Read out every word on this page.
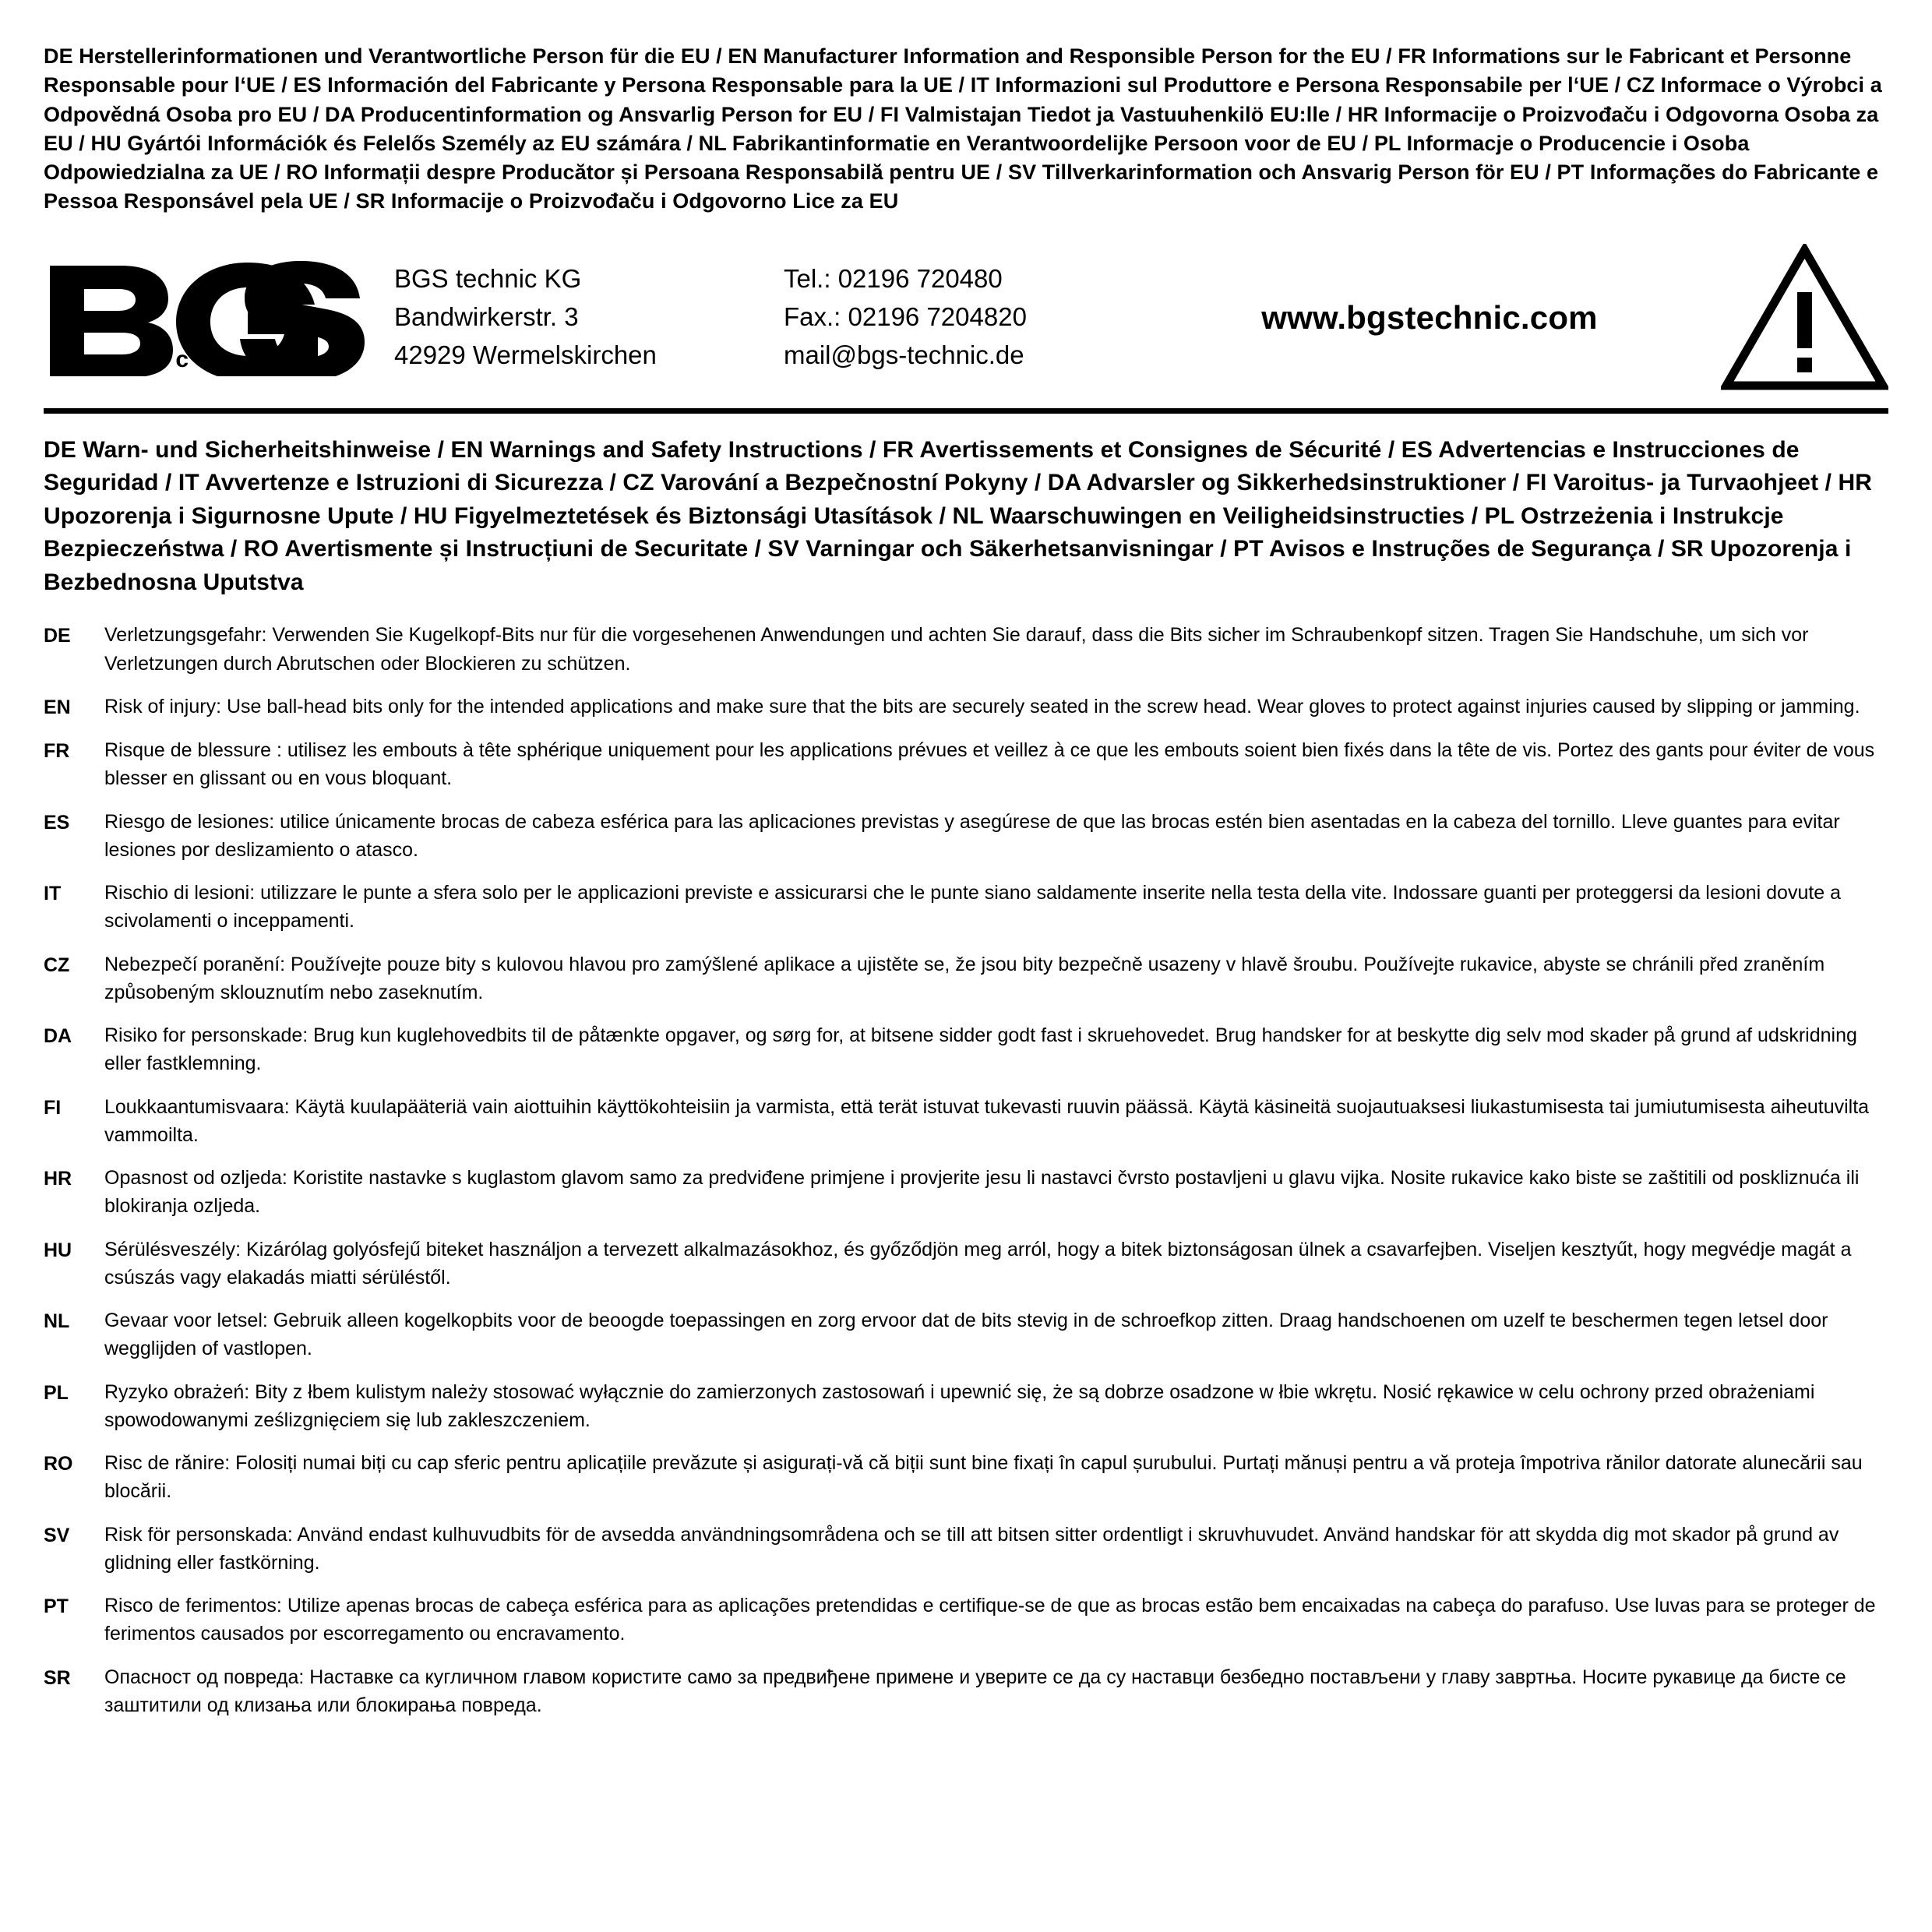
DE Herstellerinformationen und Verantwortliche Person für die EU / EN Manufacturer Information and Responsible Person for the EU / FR Informations sur le Fabricant et Personne Responsable pour l‘UE / ES Información del Fabricante y Persona Responsable para la UE / IT Informazioni sul Produttore e Persona Responsabile per l‘UE / CZ Informace o Výrobci a Odpovědná Osoba pro EU / DA Producentinformation og Ansvarlig Person for EU / FI Valmistajan Tiedot ja Vastuuhenkilö EU:lle / HR Informacije o Proizvođaču i Odgovorna Osoba za EU / HU Gyártói Információk és Felelős Személy az EU számára / NL Fabrikantinformatie en Verantwoordelijke Persoon voor de EU / PL Informacje o Producencie i Osoba Odpowiedzialna za UE / RO Informații despre Producător și Persoana Responsabilă pentru UE / SV Tillverkarinformation och Ansvarig Person för EU / PT Informações do Fabricante e Pessoa Responsável pela UE / SR Informacije o Proizvođaču i Odgovorno Lice za EU
®
t e c h n i c
BGS technic KG
Bandwirkerstr. 3
42929 Wermelskirchen
Tel.: 02196 720480
Fax.: 02196 7204820
mail@bgs-technic.de
www.bgstechnic.com
DE Warn- und Sicherheitshinweise / EN Warnings and Safety Instructions / FR Avertissements et Consignes de Sécurité / ES Advertencias e Instrucciones de Seguridad / IT Avvertenze e Istruzioni di Sicurezza / CZ Varování a Bezpečnostní Pokyny / DA Advarsler og Sikkerhedsinstruktioner / FI Varoitus- ja Turvaohjeet / HR Upozorenja i Sigurnosne Upute / HU Figyelmeztetések és Biztonsági Utasítások / NL Waarschuwingen en Veiligheidsinstructies / PL Ostrzeżenia i Instrukcje Bezpieczeństwa / RO Avertismente și Instrucțiuni de Securitate / SV Varningar och Säkerhetsanvisningar / PT Avisos e Instruções de Segurança / SR Upozorenja i Bezbednosna Uputstva
DE	Verletzungsgefahr: Verwenden Sie Kugelkopf-Bits nur für die vorgesehenen Anwendungen und achten Sie darauf, dass die Bits sicher im Schraubenkopf sitzen. Tragen Sie Handschuhe, um sich vor Verletzungen durch Abrutschen oder Blockieren zu schützen.
EN	Risk of injury: Use ball-head bits only for the intended applications and make sure that the bits are securely seated in the screw head. Wear gloves to protect against injuries caused by slipping or jamming.
FR	Risque de blessure : utilisez les embouts à tête sphérique uniquement pour les applications prévues et veillez à ce que les embouts soient bien fixés dans la tête de vis. Portez des gants pour éviter de vous blesser en glissant ou en vous bloquant.
ES	Riesgo de lesiones: utilice únicamente brocas de cabeza esférica para las aplicaciones previstas y asegúrese de que las brocas estén bien asentadas en la cabeza del tornillo. Lleve guantes para evitar lesiones por deslizamiento o atasco.
IT	Rischio di lesioni: utilizzare le punte a sfera solo per le applicazioni previste e assicurarsi che le punte siano saldamente inserite nella testa della vite. Indossare guanti per proteggersi da lesioni dovute a scivolamenti o inceppamenti.
CZ	Nebezpečí poranění: Používejte pouze bity s kulovou hlavou pro zamýšlené aplikace a ujistěte se, že jsou bity bezpečně usazeny v hlavě šroubu. Používejte rukavice, abyste se chránili před zraněním způsobeným sklouznutím nebo zaseknutím.
DA	Risiko for personskade: Brug kun kuglehovedbits til de påtænkte opgaver, og sørg for, at bitsene sidder godt fast i skruehovedet. Brug handsker for at beskytte dig selv mod skader på grund af udskridning eller fastklemning.
FI	Loukkaantumisvaara: Käytä kuulapääteriä vain aiottuihin käyttökohteisiin ja varmista, että terät istuvat tukevasti ruuvin päässä. Käytä käsineitä suojautuaksesi liukastumisesta tai jumiutumisesta aiheutuvilta vammoilta.
HR	Opasnost od ozljeda: Koristite nastavke s kuglastom glavom samo za predviđene primjene i provjerite jesu li nastavci čvrsto postavljeni u glavu vijka. Nosite rukavice kako biste se zaštitili od poskliznuća ili blokiranja ozljeda.
HU	Sérülésveszély: Kizárólag golyósfejű biteket használjon a tervezett alkalmazásokhoz, és győződjön meg arról, hogy a bitek biztonságosan ülnek a csavarfejben. Viseljen kesztyűt, hogy megvédje magát a csúszás vagy elakadás miatti sérüléstől.
NL	Gevaar voor letsel: Gebruik alleen kogelkopbits voor de beoogde toepassingen en zorg ervoor dat de bits stevig in de schroefkop zitten. Draag handschoenen om uzelf te beschermen tegen letsel door wegglijden of vastlopen.
PL	Ryzyko obrażeń: Bity z łbem kulistym należy stosować wyłącznie do zamierzonych zastosowań i upewnić się, że są dobrze osadzone w łbie wkrętu. Nosić rękawice w celu ochrony przed obrażeniami spowodowanymi ześlizgnięciem się lub zakleszczeniem.
RO	Risc de rănire: Folosiți numai biți cu cap sferic pentru aplicațiile prevăzute și asigurați-vă că biții sunt bine fixați în capul șurubului. Purtați mănuși pentru a vă proteja împotriva rănilor datorate alunecării sau blocării.
SV	Risk för personskada: Använd endast kulhuvudbits för de avsedda användningsområdena och se till att bitsen sitter ordentligt i skruvhuvudet. Använd handskar för att skydda dig mot skador på grund av glidning eller fastkörning.
PT	Risco de ferimentos: Utilize apenas brocas de cabeça esférica para as aplicações pretendidas e certifique-se de que as brocas estão bem encaixadas na cabeça do parafuso. Use luvas para se proteger de ferimentos causados por escorregamento ou encravamento.
SR	Опасност од повреда: Наставке са кугличном главом користите само за предвиђене примене и уверите се да су наставци безбедно постављени у главу завртња. Носите рукавице да бисте се заштитили од клизања или блокирања повреда.
